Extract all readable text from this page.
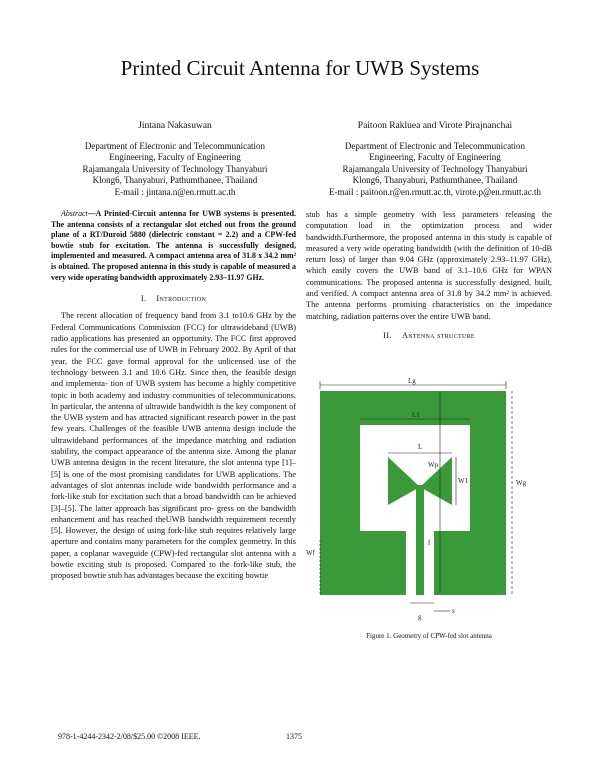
Printed Circuit Antenna for UWB Systems
Jintana Nakasuwan
Department of Electronic and Telecommunication
Engineering, Faculty of Engineering
Rajamangala University of Technology Thanyaburi
Klong6, Thanyaburi, Pathumthanee, Thailand
E-mail : jintana.n@en.rmutt.ac.th
Paitoon Rakluea and Virote Pirajnanchai
Department of Electronic and Telecommunication
Engineering, Faculty of Engineering
Rajamangala University of Technology Thanyaburi
Klong6, Thanyaburi, Pathumthanee, Thailand
E-mail : paitoon.r@en.rmutt.ac.th, virote.p@en.rmutt.ac.th

Abstract—A Printed-Circuit antenna for UWB systems is presented. The antenna consists of a rectangular slot etched out from the ground plane of a RT/Duroid 5880 (dielectric constant = 2.2) and a CPW-fed bowtie stub for excitation. The antenna is successfully designed, implemented and measured. A compact antenna area of 31.8 x 34.2 mm² is obtained. The proposed antenna in this study is capable of measured a very wide operating bandwidth approximately 2.93–11.97 GHz.

I. Introduction

The recent allocation of frequency band from 3.1 to10.6 GHz by the Federal Communications Commission (FCC) for ultrawideband (UWB) radio applications has presented an opportunity. The FCC first approved rules for the commercial use of UWB in February 2002. By April of that year, the FCC gave formal approval for the unlicensed use of the technology between 3.1 and 10.6 GHz. Since then, the feasible design and implementa- tion of UWB system has become a highly competitive topic in both academy and industry communities of telecommunications. In particular, the antenna of ultrawide bandwidth is the key component of the UWB system and has attracted significant research power in the past few years. Challenges of the feasible UWB antenna design include the ultrawideband performances of the impedance matching and radiation stability, the compact appearance of the antenna size. Among the planar UWB antenna designs in the recent literature, the slot antenna type [1]–[5] is one of the most promising candidates for UWB applications. The advantages of slot antennas include wide bandwidth performance and a fork-like stub for excitation such that a broad bandwidth can be achieved [3]–[5]. The latter approach has significant pro- gress on the bandwidth enhancement and has reached theUWB bandwidth requirement recently [5]. However, the design of using fork-like stub requires relatively large aperture and contains many parameters for the complex geometry. In this paper, a coplanar waveguide (CPW)-fed rectangular slot antenna with a bowtie exciting stub is proposed. Compared to the fork-like stub, the proposed bowtie stub has advantages because the exciting bowtie

stub has a simple geometry with less parameters releasing the computation load in the optimization process and wider bandwidth.Furthermore, the proposed antenna in this study is capable of measured a very wide operating bandwidth (with the definition of 10-dB return loss) of larger than 9.04 GHz (approximately 2.93–11.97 GHz), which easily covers the UWB band of 3.1–10.6 GHz for WPAN communications. The proposed antenna is successfully designed, built, and verified. A compact antenna area of 31.8 by 34.2 mm² is achieved. The antenna performs promising characteristics on the impedance matching, radiation patterns over the entire UWB band.

II. Antenna structure
Lg
L1
L
Wp
W1	Wg
Wf
f
s
g
Figure 1. Geometry of CPW-fed slot antenna
978-1-4244-2342-2/08/$25.00 ©2008 IEEE.	1375
